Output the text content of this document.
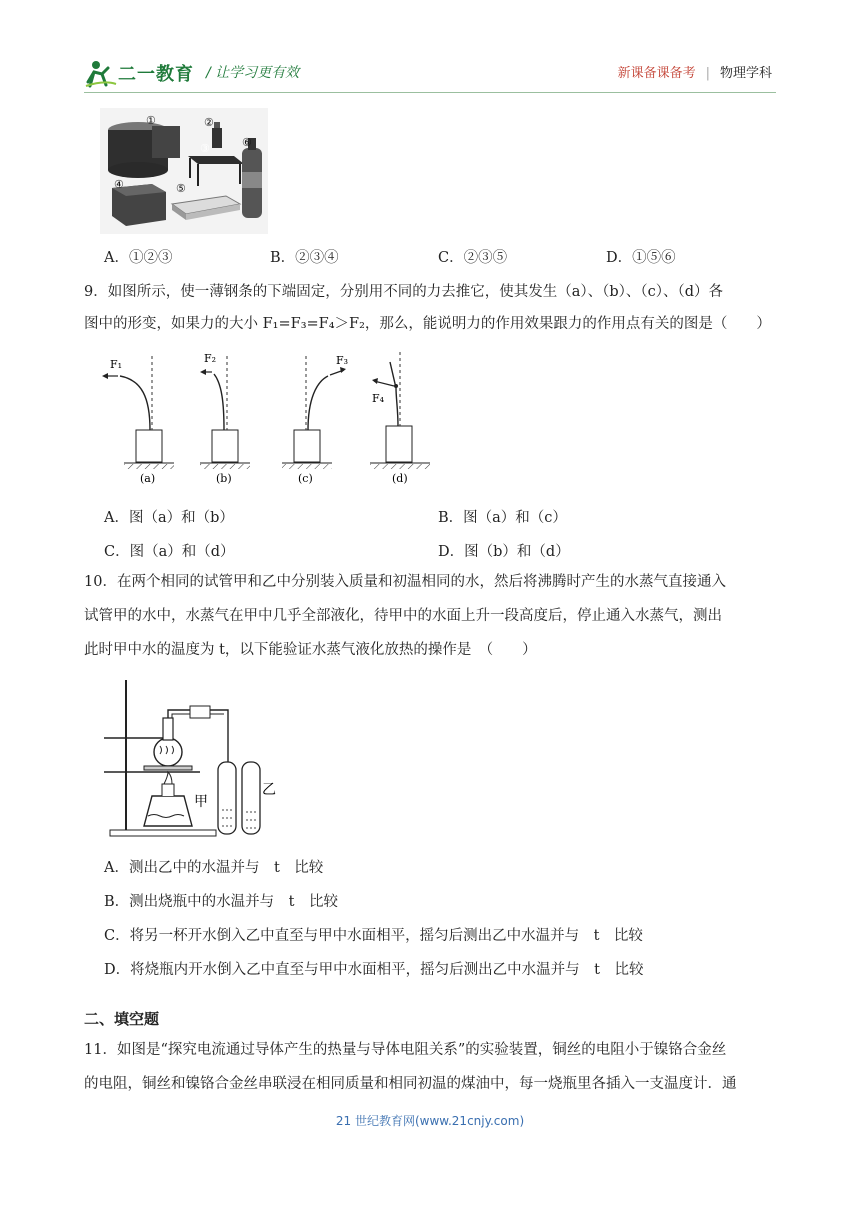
二一教育 / 让学习更有效	新课备课备考 | 物理学科
①	②
③
④	⑤
⑥
A．①②③	B．②③④	C．②③⑤	D．①⑤⑥
9．如图所示，使一薄钢条的下端固定，分别用不同的力去推它，使其发生（a）、（b）、（c）、（d）各
图中的形变，如果力的大小 F₁=F₃=F₄＞F₂，那么，能说明力的作用效果跟力的作用点有关的图是（　　）
F₁
(a)
F₂
(b)
F₃
(c)
F₄
(d)
A．图（a）和（b）	B．图（a）和（c）
C．图（a）和（d）	D．图（b）和（d）
10．在两个相同的试管甲和乙中分别装入质量和初温相同的水，然后将沸腾时产生的水蒸气直接通入
试管甲的水中，水蒸气在甲中几乎全部液化，待甲中的水面上升一段高度后，停止通入水蒸气，测出
此时甲中水的温度为 t，以下能验证水蒸气液化放热的操作是　（　　）
甲
乙
A．测出乙中的水温并与　t　比较
B．测出烧瓶中的水温并与　t　比较
C．将另一杯开水倒入乙中直至与甲中水面相平，摇匀后测出乙中水温并与　t　比较
D．将烧瓶内开水倒入乙中直至与甲中水面相平，摇匀后测出乙中水温并与　t　比较
二、填空题
11．如图是“探究电流通过导体产生的热量与导体电阻关系”的实验装置，铜丝的电阻小于镍铬合金丝
的电阻，铜丝和镍铬合金丝串联浸在相同质量和相同初温的煤油中，每一烧瓶里各插入一支温度计．通
21 世纪教育网(www.21cnjy.com)
